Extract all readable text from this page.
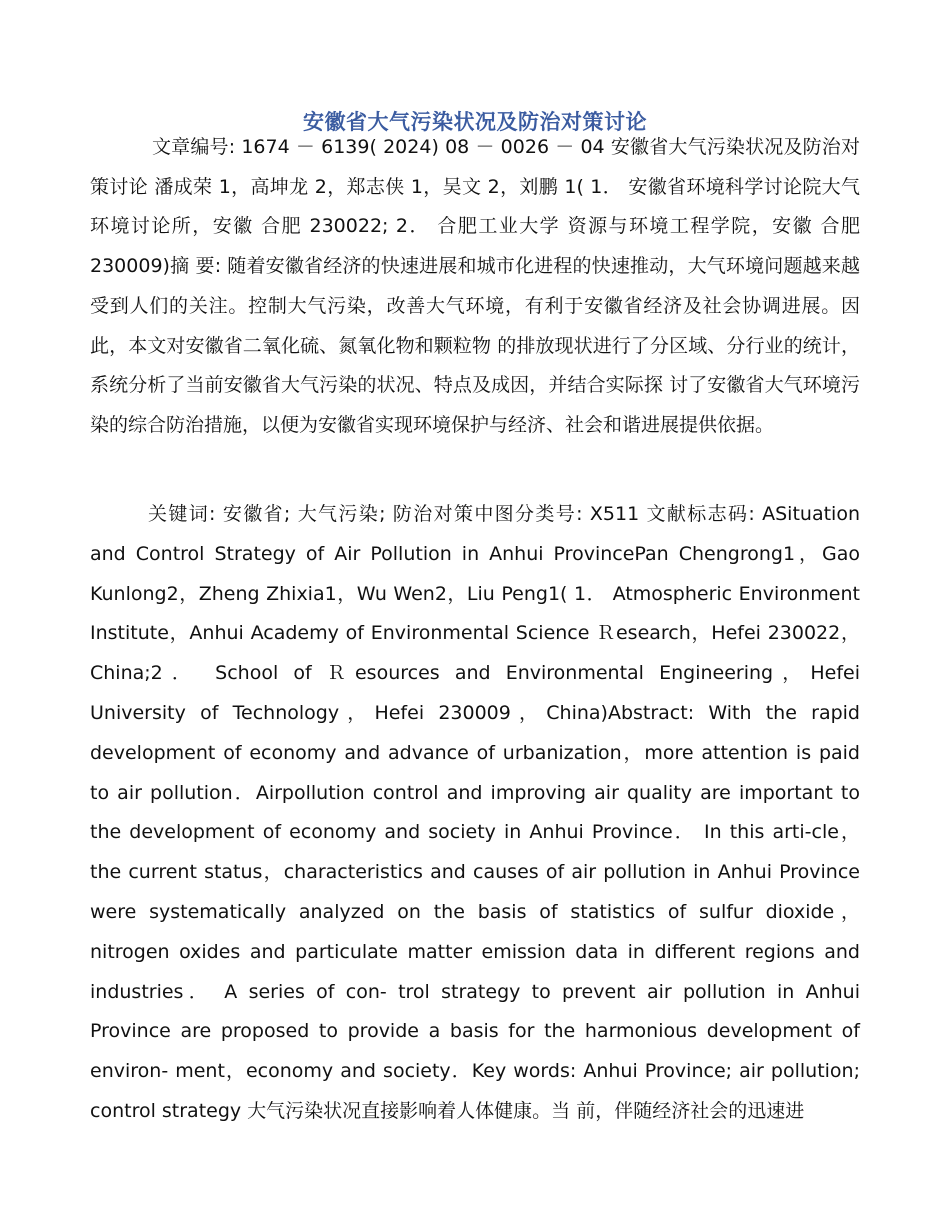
安徽省大气污染状况及防治对策讨论

文章编号: 1674 － 6139( 2024) 08 － 0026 － 04 安徽省大气污染状况及防治对策讨论 潘成荣 1，高坤龙 2，郑志侠 1，吴文 2，刘鹏 1( 1． 安徽省环境科学讨论院大气环境讨论所，安徽 合肥 230022; 2． 合肥工业大学 资源与环境工程学院，安徽 合肥 230009)摘 要: 随着安徽省经济的快速进展和城市化进程的快速推动，大气环境问题越来越受到人们的关注。控制大气污染，改善大气环境，有利于安徽省经济及社会协调进展。因此，本文对安徽省二氧化硫、氮氧化物和颗粒物 的排放现状进行了分区域、分行业的统计，系统分析了当前安徽省大气污染的状况、特点及成因，并结合实际探 讨了安徽省大气环境污染的综合防治措施，以便为安徽省实现环境保护与经济、社会和谐进展提供依据。

关键词: 安徽省; 大气污染; 防治对策中图分类号: X511 文献标志码: ASituation and Control Strategy of Air Pollution in Anhui ProvincePan Chengrong1，Gao Kunlong2，Zheng Zhixia1，Wu Wen2，Liu Peng1( 1． Atmospheric Environment Institute，Anhui Academy of Environmental Science Ｒesearch，Hefei 230022，China;2． School of Ｒesources and Environmental Engineering，Hefei University of Technology，Hefei 230009，China)Abstract: With the rapid development of economy and advance of urbanization，more attention is paid to air pollution．Airpollution control and improving air quality are important to the development of economy and society in Anhui Province． In this arti-cle，the current status，characteristics and causes of air pollution in Anhui Province were systematically analyzed on the basis of statistics of sulfur dioxide，nitrogen oxides and particulate matter emission data in different regions and industries． A series of con- trol strategy to prevent air pollution in Anhui Province are proposed to provide a basis for the harmonious development of environ- ment，economy and society．Key words: Anhui Province; air pollution; control strategy 大气污染状况直接影响着人体健康。当 前，伴随经济社会的迅速进
